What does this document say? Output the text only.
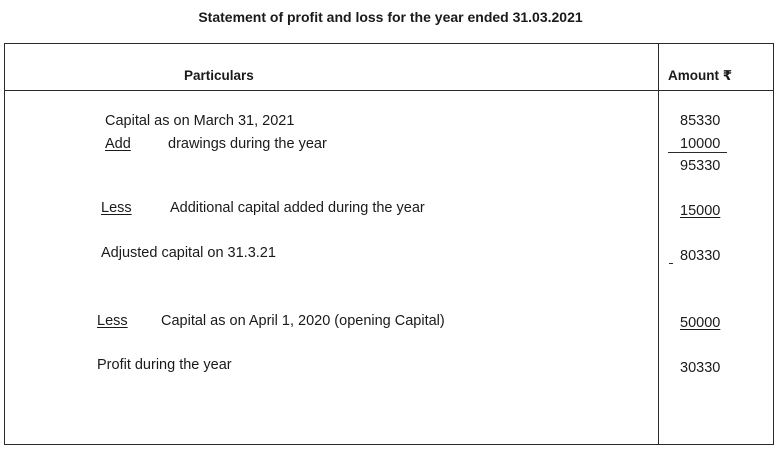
Statement of profit and loss for the year ended 31.03.2021
Particulars	Amount ₹
Capital as on March 31, 2021	85330
Add	drawings during the year	10000
95330
Less	Additional capital added during the year	15000
Adjusted capital on 31.3.21	80330
Less Capital as on April 1, 2020 (opening Capital)	50000
Profit during the year	30330
